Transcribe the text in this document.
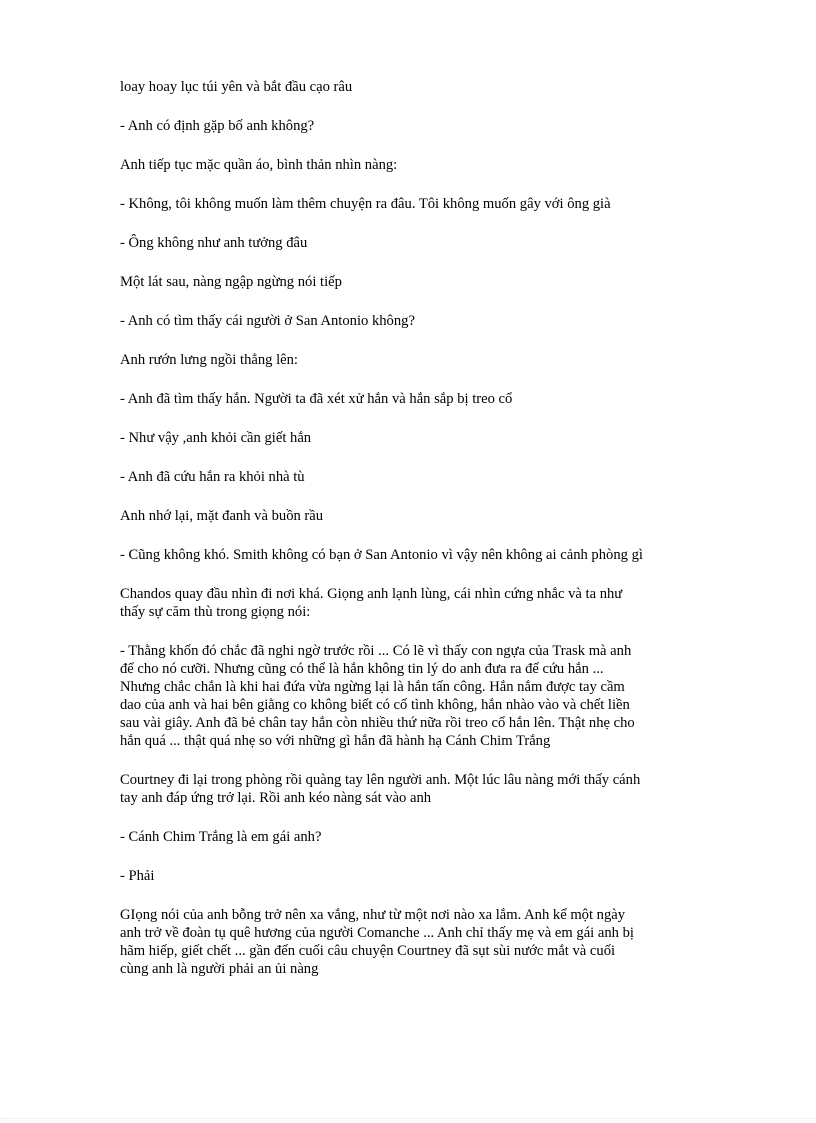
loay hoay lục túi yên và bắt đầu cạo râu

- Anh có định gặp bố anh không?

Anh tiếp tục mặc quần áo, bình thản nhìn nàng:

- Không, tôi không muốn làm thêm chuyện ra đâu. Tôi không muốn gây với ông già

- Ông không như anh tưởng đâu

Một lát sau, nàng ngập ngừng nói tiếp

- Anh có tìm thấy cái người ở San Antonio không?

Anh rướn lưng ngồi thẳng lên:

- Anh đã tìm thấy hắn. Người ta đã xét xử hắn và hắn sắp bị treo cổ

- Như vậy ,anh khỏi cần giết hắn

- Anh đã cứu hắn ra khỏi nhà tù

Anh nhớ lại, mặt đanh và buồn rầu

- Cũng không khó. Smith không có bạn ở San Antonio vì vậy nên không ai cảnh phòng gì

Chandos quay đầu nhìn đi nơi khá. Giọng anh lạnh lùng, cái nhìn cứng nhắc và ta như
thấy sự căm thù trong giọng nói:

- Thằng khốn đó chắc đã nghi ngờ trước rồi ... Có lẽ vì thấy con ngựa của Trask mà anh
để cho nó cưỡi. Nhưng cũng có thể là hắn không tin lý do anh đưa ra để cứu hắn ...
Nhưng chắc chắn là khi hai đứa vừa ngừng lại là hắn tấn công. Hắn nắm được tay cầm
dao của anh và hai bên giằng co không biết có cố tình không, hắn nhào vào và chết liền
sau vài giây. Anh đã bẻ chân tay hắn còn nhiều thứ nữa rồi treo cổ hắn lên. Thật nhẹ cho
hắn quá ... thật quá nhẹ so với những gì hắn đã hành hạ Cánh Chim Trắng

Courtney đi lại trong phòng rồi quàng tay lên người anh. Một lúc lâu nàng mới thấy cánh
tay anh đáp ứng trở lại. Rồi anh kéo nàng sát vào anh

- Cánh Chim Trắng là em gái anh?

- Phải

GIọng nói của anh bỗng trở nên xa vắng, như từ một nơi nào xa lắm. Anh kể một ngày
anh trở về đoàn tụ quê hương của người Comanche ... Anh chỉ thấy mẹ và em gái anh bị
hãm hiếp, giết chết ... gần đến cuối câu chuyện Courtney đã sụt sùi nước mắt và cuối
cùng anh là người phải an ủi nàng
